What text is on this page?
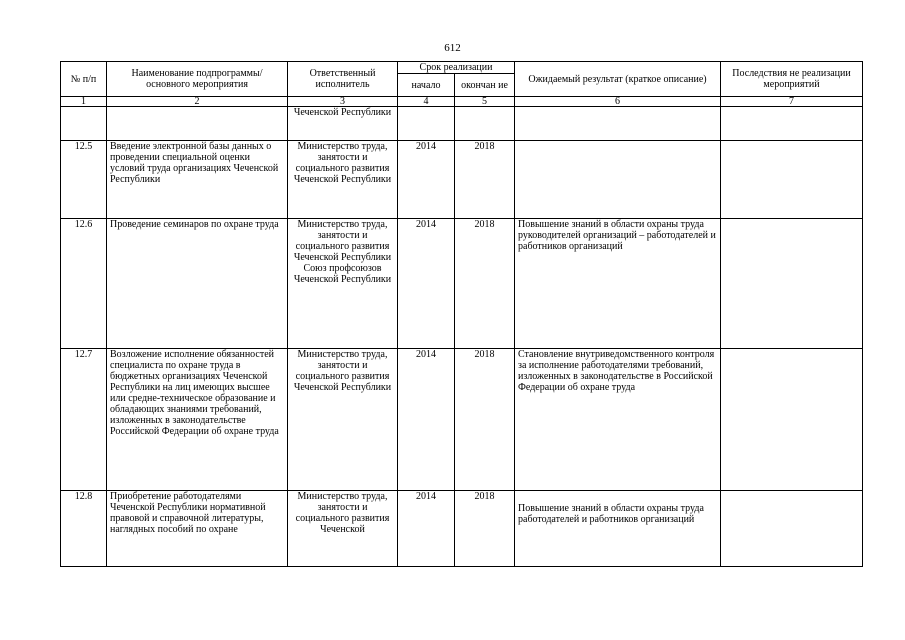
612
№ п/п	Наименование подпрограммы/ основного мероприятия	Ответственный исполнитель	Срок реализации		Ожидаемый результат (краткое описание)	Последствия не реализации мероприятий
			начало	окончан ие		
1	2	3	4	5	6	7
		Чеченской Республики				
12.5	Введение электронной базы данных о проведении специальной оценки условий труда организациях Чеченской Республики	Министерство труда, занятости и социального развития Чеченской Республики	2014	2018		
12.6	Проведение семинаров по охране труда	Министерство труда, занятости и социального развития Чеченской Республики Союз профсоюзов Чеченской Республики	2014	2018	Повышение знаний в области охраны труда руководителей организаций – работодателей и работников организаций	
12.7	Возложение исполнение обязанностей специалиста по охране труда в бюджетных организациях Чеченской Республики на лиц имеющих высшее или средне-техническое образование и обладающих знаниями требований, изложенных в законодательстве Российской Федерации об охране труда	Министерство труда, занятости и социального развития Чеченской Республики	2014	2018	Становление внутриведомственного контроля за исполнение работодателями требований, изложенных в законодательстве в Российской Федерации об охране труда	
12.8	Приобретение работодателями Чеченской Республики нормативной правовой и справочной литературы, наглядных пособий по охране	Министерство труда, занятости и социального развития Чеченской	2014	2018	Повышение знаний в области охраны труда работодателей и работников организаций	
